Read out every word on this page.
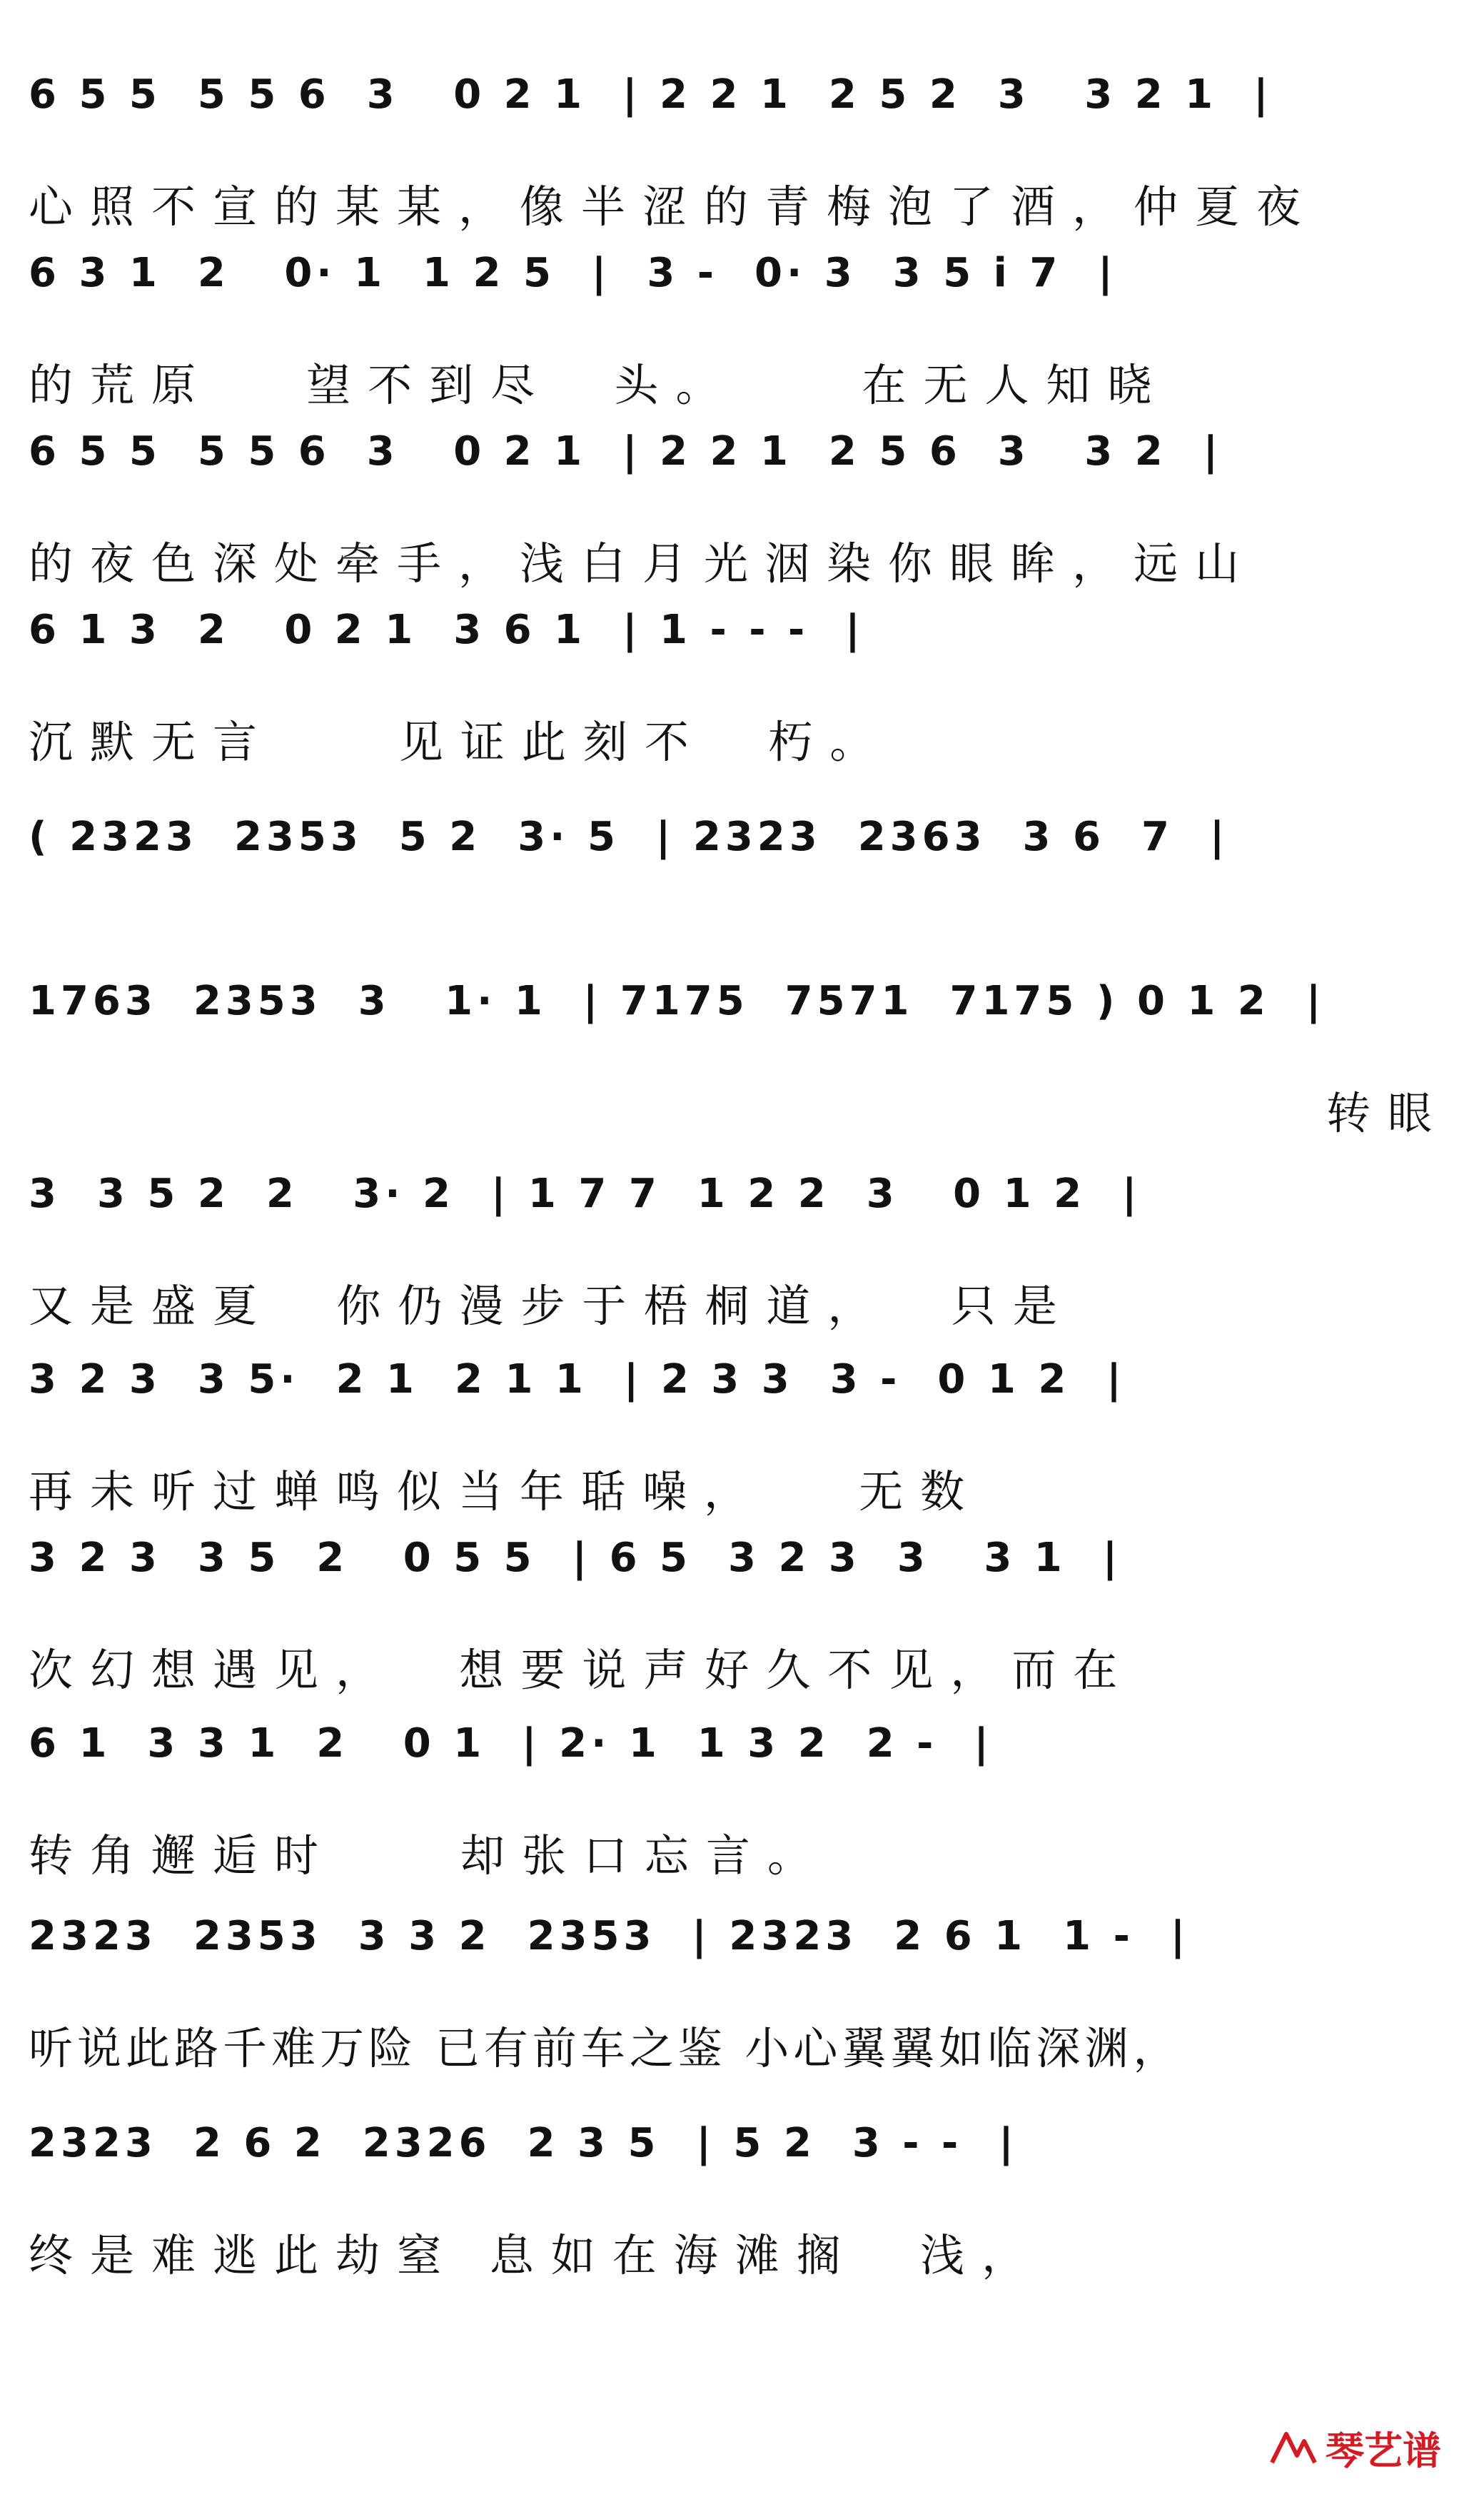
6 5 5  5 5 6  3   0 2 1  | 2 2 1  2 5 2  3   3 2 1  |
心照不宣的某某，像半涩的青梅泡了酒，仲夏夜
6 3 1  2   0· 1  1 2 5  |  3 -  0· 3  3 5 i 7  |
的荒原   望不到尽  头。    在无人知晓
6 5 5  5 5 6  3   0 2 1  | 2 2 1  2 5 6  3   3 2  |
的夜色深处牵手，浅白月光洇染你眼眸，远山
6 1 3  2   0 2 1  3 6 1  | 1 - - -  |
沉默无言    见证此刻不  朽。
( 2323  2353  5 2  3· 5  | 2323  2363  3 6  7  |
1763  2353  3   1· 1  | 7175  7571  7175 ) 0 1 2  |
转眼
3  3 5 2  2   3· 2  | 1 7 7  1 2 2  3   0 1 2  |
又是盛夏  你仍漫步于梧桐道，  只是
3 2 3  3 5·  2 1  2 1 1  | 2 3 3  3 -  0 1 2  |
再未听过蝉鸣似当年聒噪，   无数
3 2 3  3 5  2   0 5 5  | 6 5  3 2 3  3   3 1  |
次幻想遇见，  想要说声好久不见，而在
6 1  3 3 1  2   0 1  | 2· 1  1 3 2  2 -  |
转角邂逅时    却张口忘言。
2323  2353  3 3 2  2353  | 2323  2 6 1  1 -  |
听说此路千难万险 已有前车之鉴 小心翼翼如临深渊，
2323  2 6 2  2326  2 3 5  | 5 2  3 - -  |
终是难逃此劫窒 息如在海滩搁  浅，
琴艺谱
